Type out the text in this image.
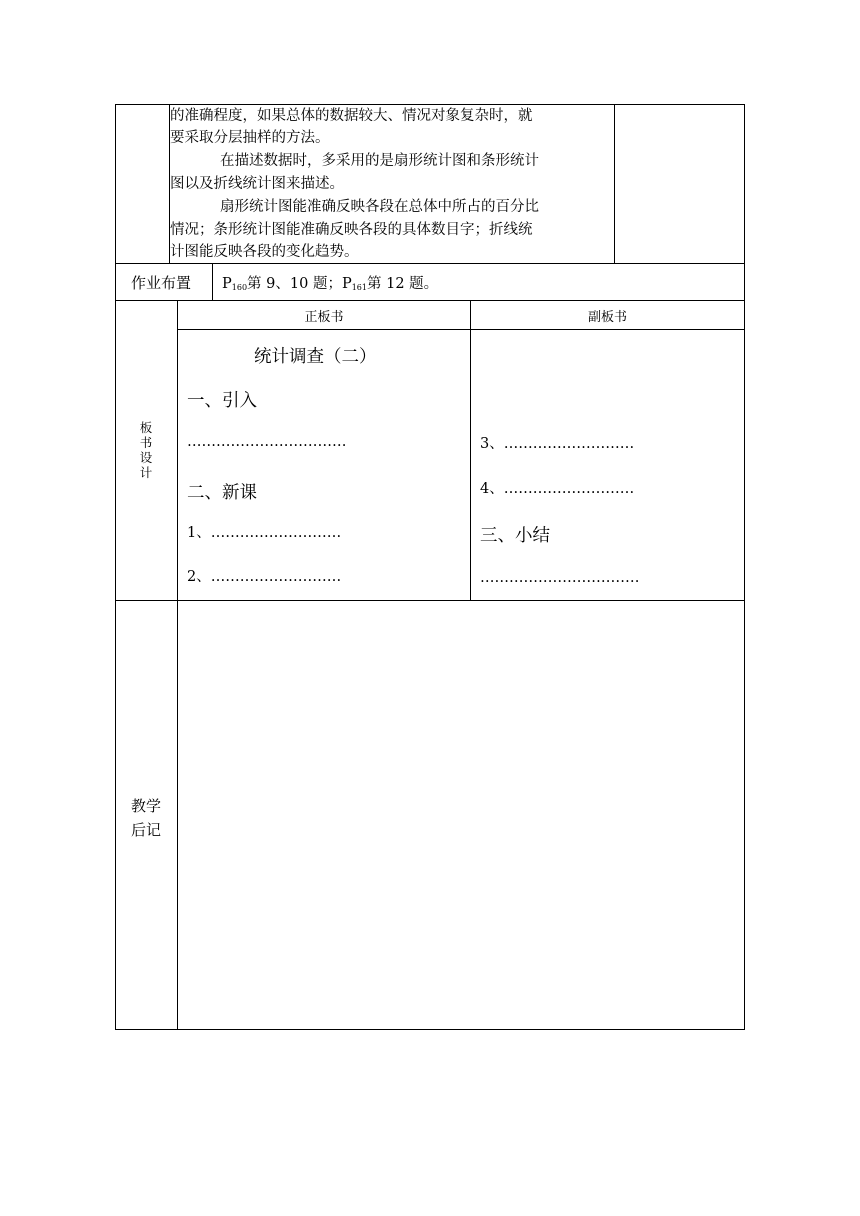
的准确程度，如果总体的数据较大、情况对象复杂时，就
要采取分层抽样的方法。
在描述数据时，多采用的是扇形统计图和条形统计
图以及折线统计图来描述。
扇形统计图能准确反映各段在总体中所占的百分比
情况；条形统计图能准确反映各段的具体数目字；折线统
计图能反映各段的变化趋势。
作业布置 $P_{160}$第 9、10 题；$P_{161}$第 12 题。
板
书
设
计
正板书	副板书
统计调查（二）
一、引入
……………………………
二、新课
1、………………………
2、………………………
3、………………………
4、………………………
三、小结
……………………………
教学
后记
